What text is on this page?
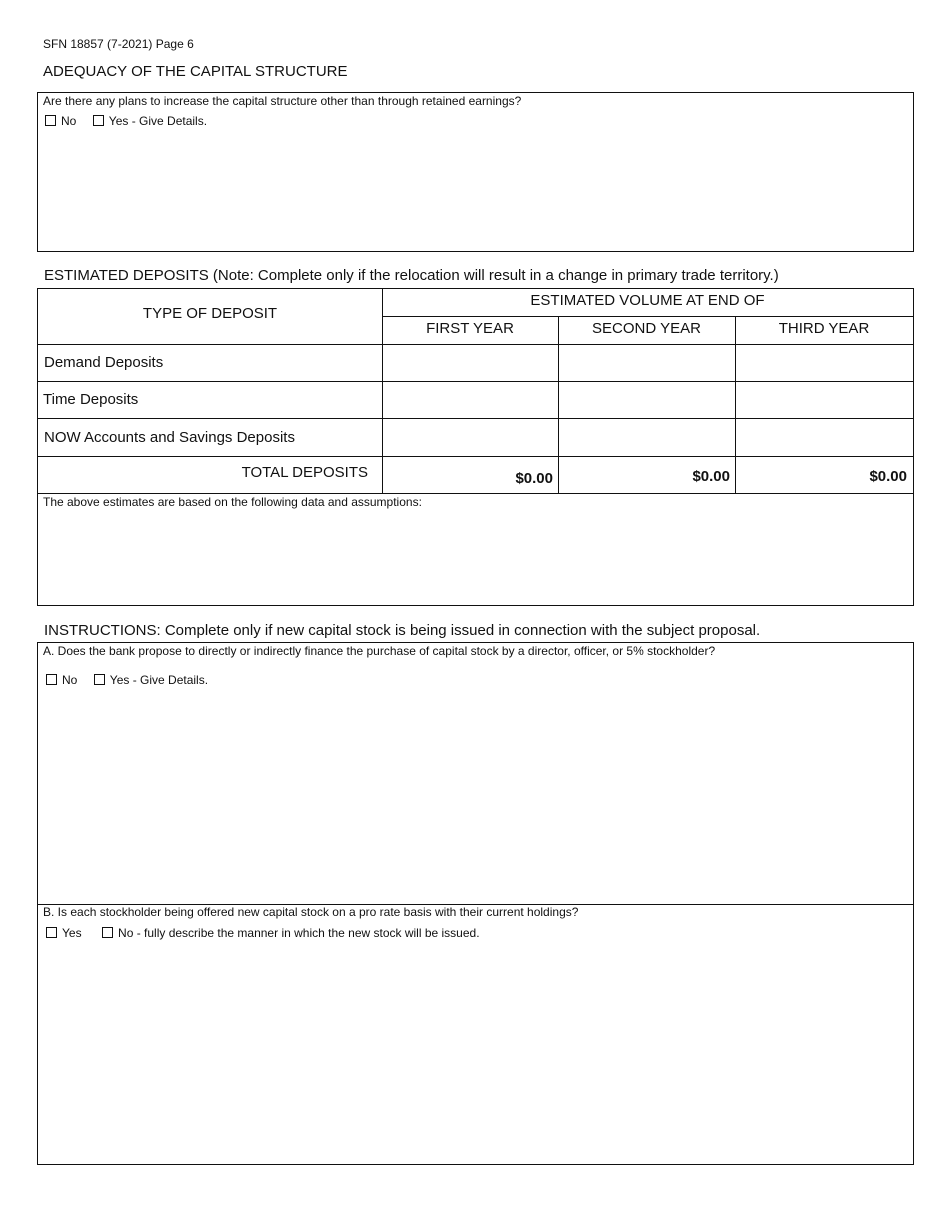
SFN 18857 (7-2021) Page 6
ADEQUACY OF THE CAPITAL STRUCTURE
Are there any plans to increase the capital structure other than through retained earnings?
No	Yes - Give Details.
ESTIMATED DEPOSITS (Note: Complete only if the relocation will result in a change in primary trade territory.)
TYPE OF DEPOSIT
ESTIMATED VOLUME AT END OF
FIRST YEAR	SECOND YEAR	THIRD YEAR
Demand Deposits
Time Deposits
NOW Accounts and Savings Deposits
TOTAL DEPOSITS	$0.00	$0.00	$0.00
The above estimates are based on the following data and assumptions:
INSTRUCTIONS: Complete only if new capital stock is being issued in connection with the subject proposal.
A. Does the bank propose to directly or indirectly finance the purchase of capital stock by a director, officer, or 5% stockholder?
No	Yes - Give Details.
B. Is each stockholder being offered new capital stock on a pro rate basis with their current holdings?
Yes	No - fully describe the manner in which the new stock will be issued.
